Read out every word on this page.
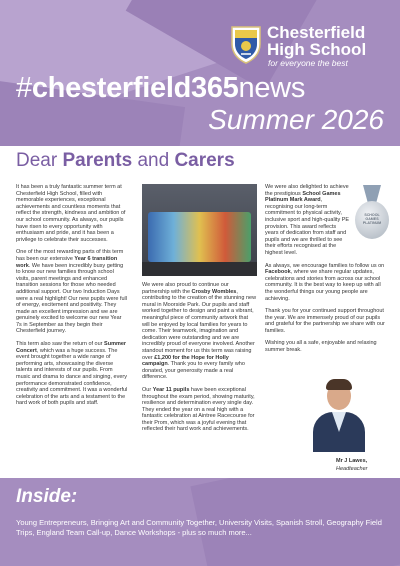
Chesterfield
High School
for everyone the best
#chesterfield365news
Summer 2026
Dear Parents and Carers

It has been a truly fantastic summer term at Chesterfield High School, filled with memorable experiences, exceptional achievements and countless moments that reflect the strength, kindness and ambition of our school community. As always, our pupils have risen to every opportunity with enthusiasm and pride, and it has been a privilege to celebrate their successes.

One of the most rewarding parts of this term has been our extensive Year 6 transition work. We have been incredibly busy getting to know our new families through school visits, parent meetings and enhanced transition sessions for those who needed additional support. Our two Induction Days were a real highlight! Our new pupils were full of energy, excitement and positivity. They made an excellent impression and we are genuinely excited to welcome our new Year 7s in September as they begin their Chesterfield journey.

This term also saw the return of our Summer Concert, which was a huge success. The event brought together a wide range of performing arts, showcasing the diverse talents and interests of our pupils. From music and drama to dance and singing, every performance demonstrated confidence, creativity and commitment. It was a wonderful celebration of the arts and a testament to the hard work of both pupils and staff.

We were also proud to continue our partnership with the Crosby Wombles, contributing to the creation of the stunning new mural in Moorside Park. Our pupils and staff worked together to design and paint a vibrant, meaningful piece of community artwork that will be enjoyed by local families for years to come. Their teamwork, imagination and dedication were outstanding and we are incredibly proud of everyone involved. Another standout moment for us this term was raising over £1,200 for the Hope for Holly campaign. Thank you to every family who donated, your generosity made a real difference.

Our Year 11 pupils have been exceptional throughout the exam period, showing maturity, resilience and determination every single day. They ended the year on a real high with a fantastic celebration at Aintree Racecourse for their Prom, which was a joyful evening that reflected their hard work and achievements.

We were also delighted to achieve the prestigious School Games Platinum Mark Award, recognising our long-term commitment to physical activity, inclusive sport and high-quality PE provision. This award reflects years of dedication from staff and pupils and we are thrilled to see their efforts recognised at the highest level.

As always, we encourage families to follow us on Facebook, where we share regular updates, celebrations and stories from across our school community. It is the best way to keep up with all the wonderful things our young people are achieving.

Thank you for your continued support throughout the year. We are immensely proud of our pupils and grateful for the partnership we share with our families.

Wishing you all a safe, enjoyable and relaxing summer break.

SCHOOL
GAMES
PLATINUM
Mr J Lawes,
Headteacher
Inside:
Young Entrepreneurs, Bringing Art and Community Together, University Visits, Spanish Stroll, Geography Field Trips, England Team Call-up, Dance Workshops - plus so much more...
